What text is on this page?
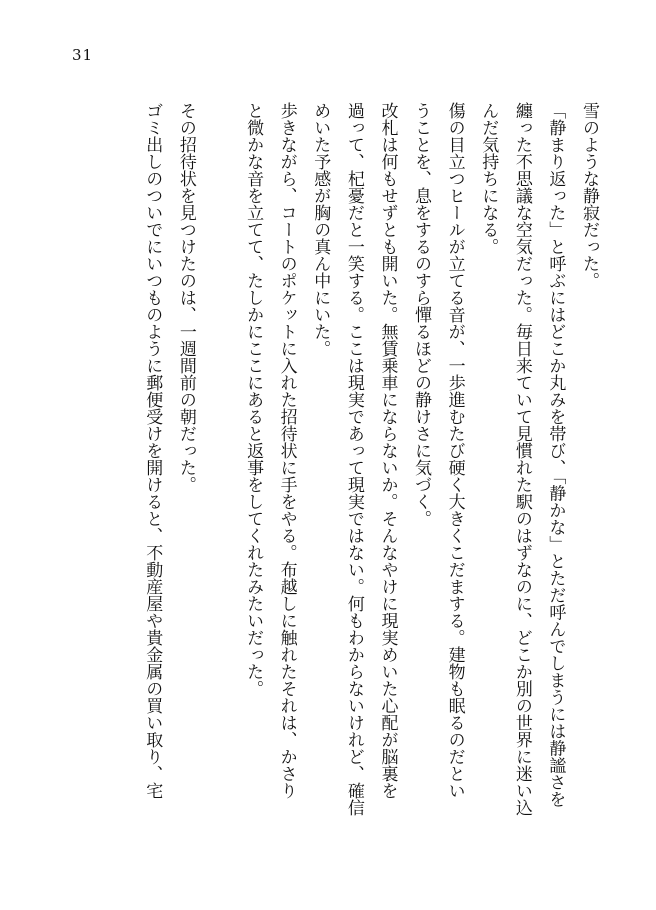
31
雪のような静寂だった。
「静まり返った」と呼ぶにはどこか丸みを帯び、「静かな」とただ呼んでしまうには静謐さを
纏った不思議な空気だった。毎日来ていて見慣れた駅のはずなのに、どこか別の世界に迷い込
んだ気持ちになる。
傷の目立つヒールが立てる音が、一歩進むたび硬く大きくこだまする。建物も眠るのだとい
うことを、息をするのすら憚るほどの静けさに気づく。
改札は何もせずとも開いた。無賃乗車にならないか。そんなやけに現実めいた心配が脳裏を
過って、杞憂だと一笑する。ここは現実であって現実ではない。何もわからないけれど、確信
めいた予感が胸の真ん中にいた。
歩きながら、コートのポケットに入れた招待状に手をやる。布越しに触れたそれは、かさり
と微かな音を立てて、たしかにここにあると返事をしてくれたみたいだった。
その招待状を見つけたのは、一週間前の朝だった。
ゴミ出しのついでにいつものように郵便受けを開けると、不動産屋や貴金属の買い取り、宅
